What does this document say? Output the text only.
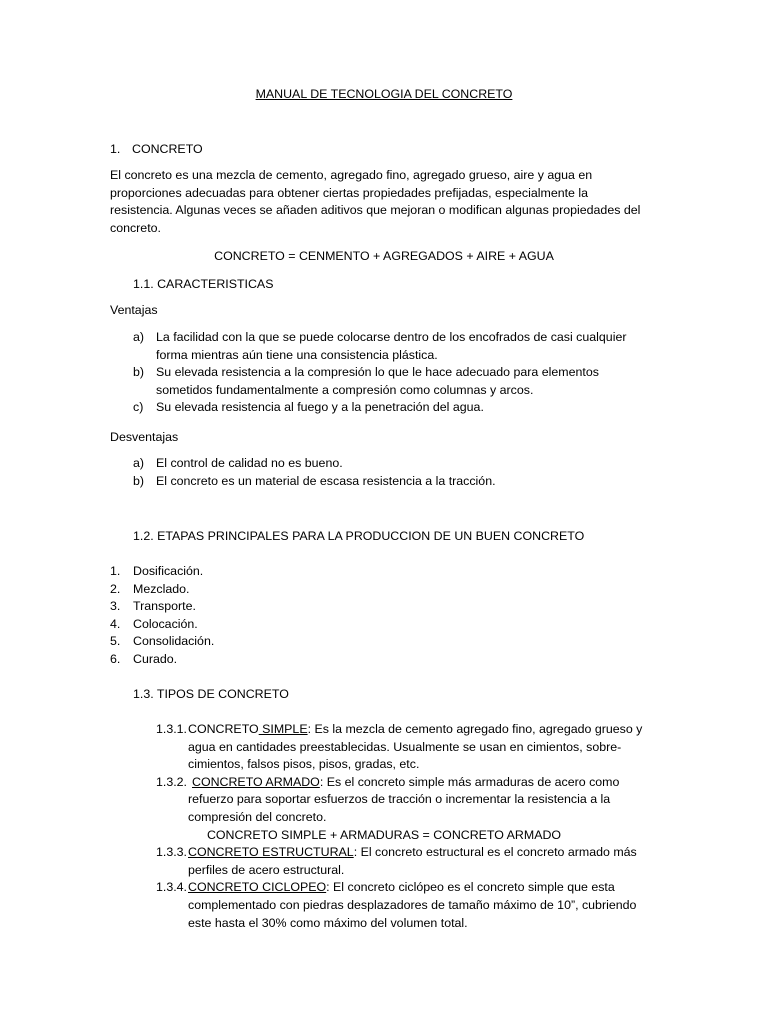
MANUAL DE TECNOLOGIA DEL CONCRETO
1. CONCRETO

El concreto es una mezcla de cemento, agregado fino, agregado grueso, aire y agua en proporciones adecuadas para obtener ciertas propiedades prefijadas, especialmente la resistencia. Algunas veces se añaden aditivos que mejoran o modifican algunas propiedades del concreto.

CONCRETO = CENMENTO + AGREGADOS + AIRE + AGUA
1.1. CARACTERISTICAS
Ventajas
a) La facilidad con la que se puede colocarse dentro de los encofrados de casi cualquier forma mientras aún tiene una consistencia plástica.
b) Su elevada resistencia a la compresión lo que le hace adecuado para elementos sometidos fundamentalmente a compresión como columnas y arcos.
c) Su elevada resistencia al fuego y a la penetración del agua.
Desventajas
a) El control de calidad no es bueno.
b) El concreto es un material de escasa resistencia a la tracción.
1.2. ETAPAS PRINCIPALES PARA LA PRODUCCION DE UN BUEN CONCRETO
1. Dosificación.
2. Mezclado.
3. Transporte.
4. Colocación.
5. Consolidación.
6. Curado.
1.3. TIPOS DE CONCRETO
1.3.1. CONCRETO SIMPLE: Es la mezcla de cemento agregado fino, agregado grueso y agua en cantidades preestablecidas. Usualmente se usan en cimientos, sobre-cimientos, falsos pisos, pisos, gradas, etc.
1.3.2. CONCRETO ARMADO: Es el concreto simple más armaduras de acero como refuerzo para soportar esfuerzos de tracción o incrementar la resistencia a la compresión del concreto.
CONCRETO SIMPLE + ARMADURAS = CONCRETO ARMADO
1.3.3. CONCRETO ESTRUCTURAL: El concreto estructural es el concreto armado más perfiles de acero estructural.
1.3.4. CONCRETO CICLOPEO: El concreto ciclópeo es el concreto simple que esta complementado con piedras desplazadores de tamaño máximo de 10”, cubriendo este hasta el 30% como máximo del volumen total.
